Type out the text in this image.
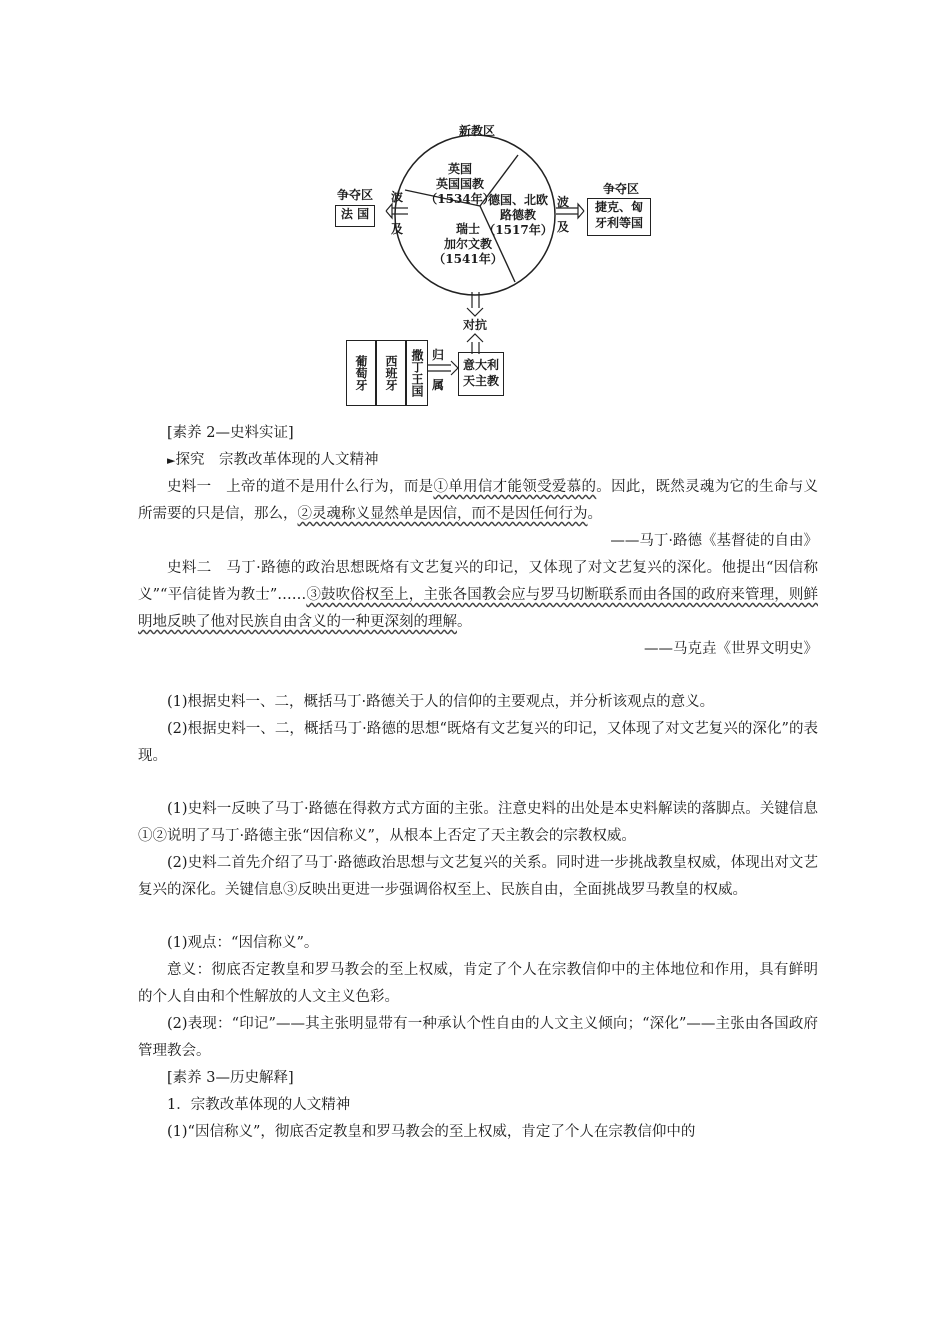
新教区
英国
英国国教
（1534年）
德国、北欧
路德教
（1517年）
瑞士
加尔文教
（1541年）
争夺区
法 国
波
及
波
及
争夺区
捷克、匈
牙利等国
对抗
葡萄牙	西班牙	撒丁王国 归
属
意大利
天主教

[素养 2—史料实证]

►探究　宗教改革体现的人文精神

史料一　上帝的道不是用什么行为，而是①单用信才能领受爱慕的。因此，既然灵魂为它的生命与义所需要的只是信，那么，②灵魂称义显然单是因信，而不是因任何行为。

——马丁·路德《基督徒的自由》

史料二　马丁·路德的政治思想既烙有文艺复兴的印记，又体现了对文艺复兴的深化。他提出“因信称义”“平信徒皆为教士”……③鼓吹俗权至上，主张各国教会应与罗马切断联系而由各国的政府来管理，则鲜明地反映了他对民族自由含义的一种更深刻的理解。

——马克垚《世界文明史》

(1)根据史料一、二，概括马丁·路德关于人的信仰的主要观点，并分析该观点的意义。

(2)根据史料一、二，概括马丁·路德的思想“既烙有文艺复兴的印记，又体现了对文艺复兴的深化”的表现。

(1)史料一反映了马丁·路德在得救方式方面的主张。注意史料的出处是本史料解读的落脚点。关键信息①②说明了马丁·路德主张“因信称义”，从根本上否定了天主教会的宗教权威。

(2)史料二首先介绍了马丁·路德政治思想与文艺复兴的关系。同时进一步挑战教皇权威，体现出对文艺复兴的深化。关键信息③反映出更进一步强调俗权至上、民族自由，全面挑战罗马教皇的权威。

(1)观点：“因信称义”。

意义：彻底否定教皇和罗马教会的至上权威，肯定了个人在宗教信仰中的主体地位和作用，具有鲜明的个人自由和个性解放的人文主义色彩。

(2)表现：“印记”——其主张明显带有一种承认个性自由的人文主义倾向；“深化”——主张由各国政府管理教会。

[素养 3—历史解释]

1．宗教改革体现的人文精神

(1)“因信称义”，彻底否定教皇和罗马教会的至上权威，肯定了个人在宗教信仰中的
